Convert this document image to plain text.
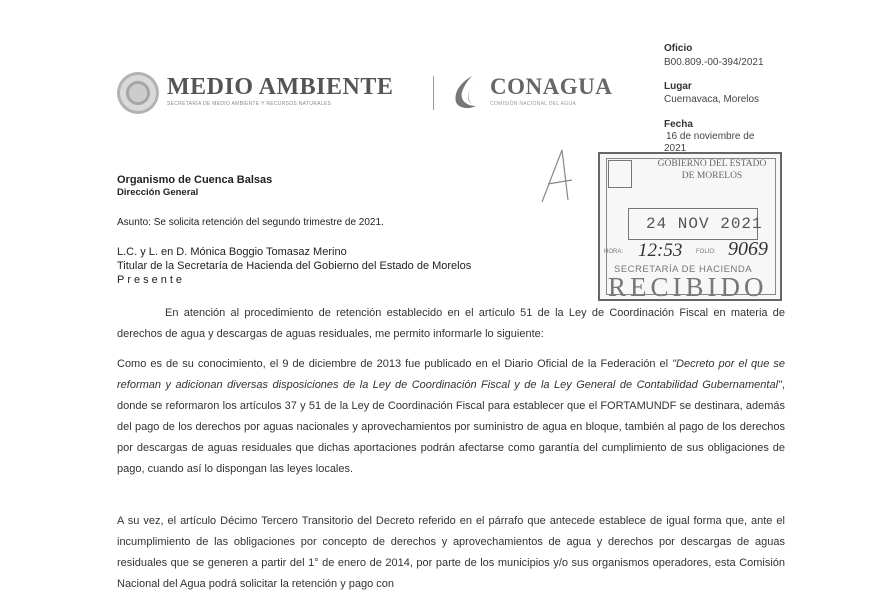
MEDIO AMBIENTE
SECRETARÍA DE MEDIO AMBIENTE Y RECURSOS NATURALES
CONAGUA
COMISIÓN NACIONAL DEL AGUA
Oficio
B00.809.-00-394/2021
Lugar
Cuernavaca, Morelos
Fecha
16 de noviembre de
2021
Organismo de Cuenca Balsas
Dirección General
Asunto: Se solicita retención del segundo trimestre de 2021.
L.C. y L. en D. Mónica Boggio Tomasaz Merino
Titular de la Secretaría de Hacienda del Gobierno del Estado de Morelos
Presente
GOBIERNO DEL ESTADO
DE MORELOS
24 NOV 2021
HORA: 12:53 FOLIO: 9069
SECRETARÍA DE HACIENDA
RECIBIDO
En atención al procedimiento de retención establecido en el artículo 51 de la Ley de Coordinación Fiscal en materia de derechos de agua y descargas de aguas residuales, me permito informarle lo siguiente:
Como es de su conocimiento, el 9 de diciembre de 2013 fue publicado en el Diario Oficial de la Federación el "Decreto por el que se reforman y adicionan diversas disposiciones de la Ley de Coordinación Fiscal y de la Ley General de Contabilidad Gubernamental", donde se reformaron los artículos 37 y 51 de la Ley de Coordinación Fiscal para establecer que el FORTAMUNDF se destinara, además del pago de los derechos por aguas nacionales y aprovechamientos por suministro de agua en bloque, también al pago de los derechos por descargas de aguas residuales que dichas aportaciones podrán afectarse como garantía del cumplimiento de sus obligaciones de pago, cuando así lo dispongan las leyes locales.
A su vez, el artículo Décimo Tercero Transitorio del Decreto referido en el párrafo que antecede establece de igual forma que, ante el incumplimiento de las obligaciones por concepto de derechos y aprovechamientos de agua y derechos por descargas de aguas residuales que se generen a partir del 1° de enero de 2014, por parte de los municipios y/o sus organismos operadores, esta Comisión Nacional del Agua podrá solicitar la retención y pago con
